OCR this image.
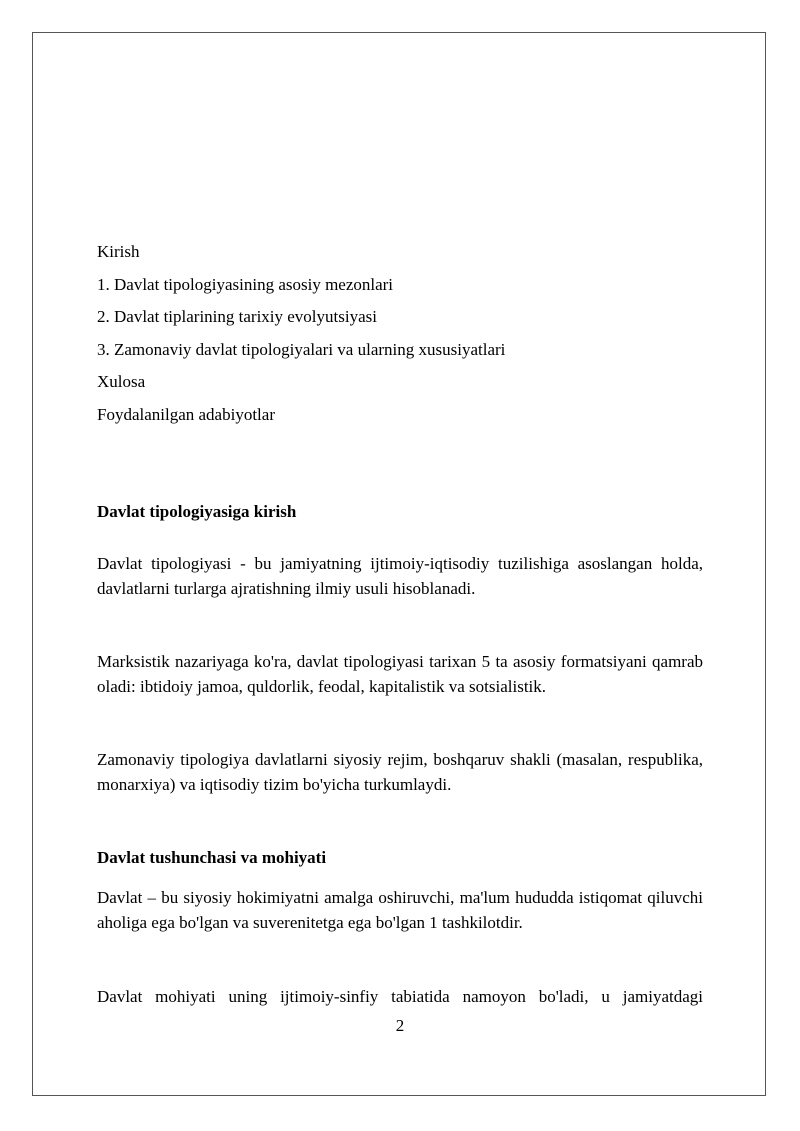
Kirish
1. Davlat tipologiyasining asosiy mezonlari
2. Davlat tiplarining tarixiy evolyutsiyasi
3. Zamonaviy davlat tipologiyalari va ularning xususiyatlari
Xulosa
Foydalanilgan adabiyotlar
Davlat tipologiyasiga kirish
Davlat tipologiyasi - bu jamiyatning ijtimoiy-iqtisodiy tuzilishiga asoslangan holda, davlatlarni turlarga ajratishning ilmiy usuli hisoblanadi.
Marksistik nazariyaga ko'ra, davlat tipologiyasi tarixan 5 ta asosiy formatsiyani qamrab oladi: ibtidoiy jamoa, quldorlik, feodal, kapitalistik va sotsialistik.
Zamonaviy tipologiya davlatlarni siyosiy rejim, boshqaruv shakli (masalan, respublika, monarxiya) va iqtisodiy tizim bo'yicha turkumlaydi.
Davlat tushunchasi va mohiyati
Davlat – bu siyosiy hokimiyatni amalga oshiruvchi, ma'lum hududda istiqomat qiluvchi aholiga ega bo'lgan va suverenitetga ega bo'lgan 1 tashkilotdir.
Davlat mohiyati uning ijtimoiy-sinfiy tabiatida namoyon bo'ladi, u jamiyatdagi
2
